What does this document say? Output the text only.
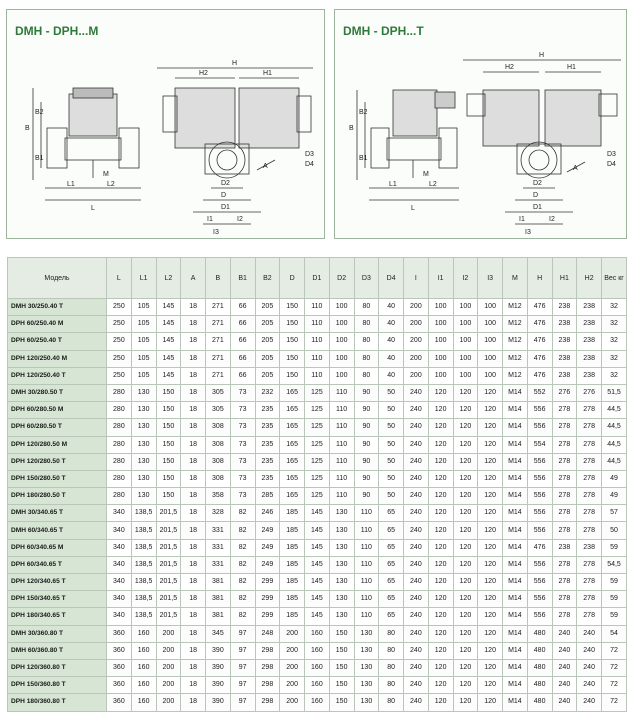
DMH - DPH...M
H
H2	H1
B
B2
B1
L
L1	L2
M
D2
D
D1
I1	I2
I3
A
D3
D4
DMH - DPH...T
H
H2	H1
B
B2
B1
L
L1	L2
M
D2
D
D1
I1	I2
I3
A
D3
D4
Модель	L	L1	L2	A	B	B1	B2	D	D1	D2	D3	D4	I	I1	I2	I3	M	H	H1	H2	Вес кг
DMH 30/250.40 T	250	105	145	18	271	66	205	150	110	100	80	40	200	100	100	100	M12	476	238	238	32
DPH 60/250.40 M	250	105	145	18	271	66	205	150	110	100	80	40	200	100	100	100	M12	476	238	238	32
DPH 60/250.40 T	250	105	145	18	271	66	205	150	110	100	80	40	200	100	100	100	M12	476	238	238	32
DPH 120/250.40 M	250	105	145	18	271	66	205	150	110	100	80	40	200	100	100	100	M12	476	238	238	32
DPH 120/250.40 T	250	105	145	18	271	66	205	150	110	100	80	40	200	100	100	100	M12	476	238	238	32
DMH 30/280.50 T	280	130	150	18	305	73	232	165	125	110	90	50	240	120	120	120	M14	552	276	276	51,5
DPH 60/280.50 M	280	130	150	18	305	73	235	165	125	110	90	50	240	120	120	120	M14	556	278	278	44,5
DPH 60/280.50 T	280	130	150	18	308	73	235	165	125	110	90	50	240	120	120	120	M14	556	278	278	44,5
DPH 120/280.50 M	280	130	150	18	308	73	235	165	125	110	90	50	240	120	120	120	M14	554	278	278	44,5
DPH 120/280.50 T	280	130	150	18	308	73	235	165	125	110	90	50	240	120	120	120	M14	556	278	278	44,5
DPH 150/280.50 T	280	130	150	18	308	73	235	165	125	110	90	50	240	120	120	120	M14	556	278	278	49
DPH 180/280.50 T	280	130	150	18	358	73	285	165	125	110	90	50	240	120	120	120	M14	556	278	278	49
DMH 30/340.65 T	340	138,5	201,5	18	328	82	246	185	145	130	110	65	240	120	120	120	M14	556	278	278	57
DMH 60/340.65 T	340	138,5	201,5	18	331	82	249	185	145	130	110	65	240	120	120	120	M14	556	278	278	50
DPH 60/340.65 M	340	138,5	201,5	18	331	82	249	185	145	130	110	65	240	120	120	120	M14	476	238	238	59
DPH 60/340.65 T	340	138,5	201,5	18	331	82	249	185	145	130	110	65	240	120	120	120	M14	556	278	278	54,5
DPH 120/340.65 T	340	138,5	201,5	18	381	82	299	185	145	130	110	65	240	120	120	120	M14	556	278	278	59
DPH 150/340.65 T	340	138,5	201,5	18	381	82	299	185	145	130	110	65	240	120	120	120	M14	556	278	278	59
DPH 180/340.65 T	340	138,5	201,5	18	381	82	299	185	145	130	110	65	240	120	120	120	M14	556	278	278	59
DMH 30/360.80 T	360	160	200	18	345	97	248	200	160	150	130	80	240	120	120	120	M14	480	240	240	54
DMH 60/360.80 T	360	160	200	18	390	97	298	200	160	150	130	80	240	120	120	120	M14	480	240	240	72
DPH 120/360.80 T	360	160	200	18	390	97	298	200	160	150	130	80	240	120	120	120	M14	480	240	240	72
DPH 150/360.80 T	360	160	200	18	390	97	298	200	160	150	130	80	240	120	120	120	M14	480	240	240	72
DPH 180/360.80 T	360	160	200	18	390	97	298	200	160	150	130	80	240	120	120	120	M14	480	240	240	72
